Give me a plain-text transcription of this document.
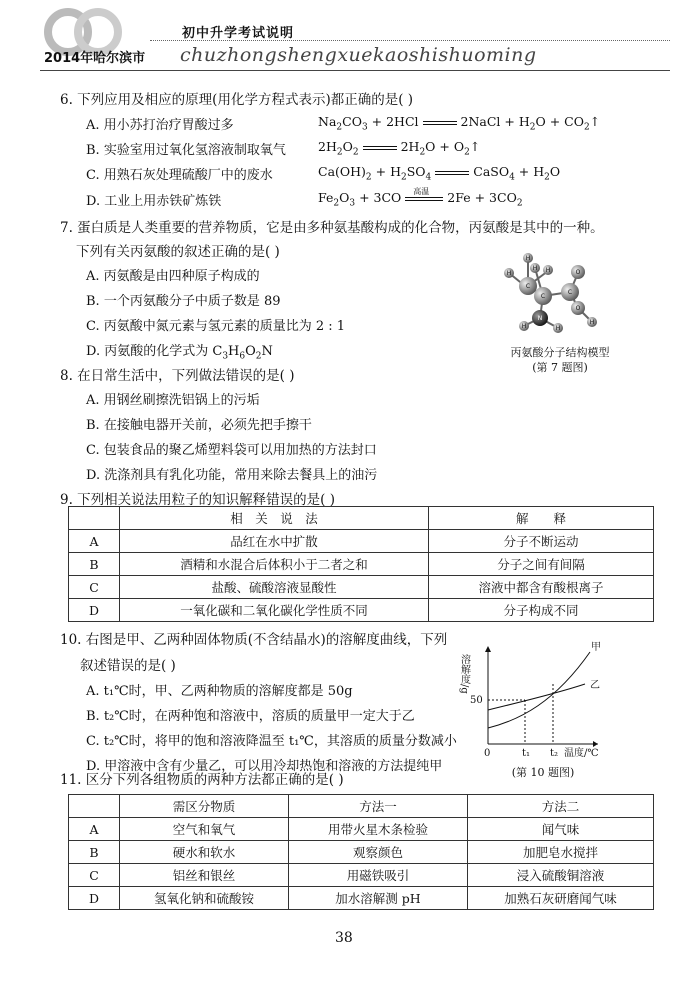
2014年哈尔滨市
初中升学考试说明
chuzhongshengxuekaoshishuoming
6. 下列应用及相应的原理(用化学方程式表示)都正确的是( )
A. 用小苏打治疗胃酸过多	$Na_2CO_3 + 2HCl$	2NaCl + $H_2O$ + $CO_2↑$
B. 实验室用过氧化氢溶液制取氧气	$2H_2O_2$	$2H_2O$ + $O_2↑$
C. 用熟石灰处理硫酸厂中的废水	$Ca(OH)_2 + H_2SO_4$	CaSO$_4$ + $H_2O$
D. 工业上用赤铁矿炼铁	$Fe_2O_3 + 3CO$ 高温 $2Fe + 3CO_2$
7. 蛋白质是人类重要的营养物质，它是由多种氨基酸构成的化合物，丙氨酸是其中的一种。
下列有关丙氨酸的叙述正确的是( )
A. 丙氨酸是由四种原子构成的
B. 一个丙氨酸分子中质子数是 89
C. 丙氨酸中氮元素与氢元素的质量比为 2 : 1
D. 丙氨酸的化学式为 $C_3H_6O_2N$
H
H
H
C
H
C
C
O
O
H
N
H	H
丙氨酸分子结构模型
(第 7 题图)
8. 在日常生活中，下列做法错误的是( )
A. 用钢丝刷擦洗铝锅上的污垢
B. 在接触电器开关前，必须先把手擦干
C. 包装食品的聚乙烯塑料袋可以用加热的方法封口
D. 洗涤剂具有乳化功能，常用来除去餐具上的油污
9. 下列相关说法用粒子的知识解释错误的是( )
	相　关　说　法	解　　释
A	品红在水中扩散	分子不断运动
B	酒精和水混合后体积小于二者之和	分子之间有间隔
C	盐酸、硫酸溶液显酸性	溶液中都含有酸根离子
D	一氧化碳和二氧化碳化学性质不同	分子构成不同
10. 右图是甲、乙两种固体物质(不含结晶水)的溶解度曲线，下列
叙述错误的是( )
A. t₁℃时，甲、乙两种物质的溶解度都是 50g
B. t₂℃时，在两种饱和溶液中，溶质的质量甲一定大于乙
C. t₂℃时，将甲的饱和溶液降温至 t₁℃，其溶质的质量分数减小
D. 甲溶液中含有少量乙，可以用冷却热饱和溶液的方法提纯甲
溶解度/g
50
0	t₁ t₂ 温度/℃
甲
乙
(第 10 题图)
11. 区分下列各组物质的两种方法都正确的是( )
	需区分物质	方法一	方法二
A	空气和氧气	用带火星木条检验	闻气味
B	硬水和软水	观察颜色	加肥皂水搅拌
C	铝丝和银丝	用磁铁吸引	浸入硫酸铜溶液
D	氢氧化钠和硫酸铵	加水溶解测 pH	加熟石灰研磨闻气味
38
